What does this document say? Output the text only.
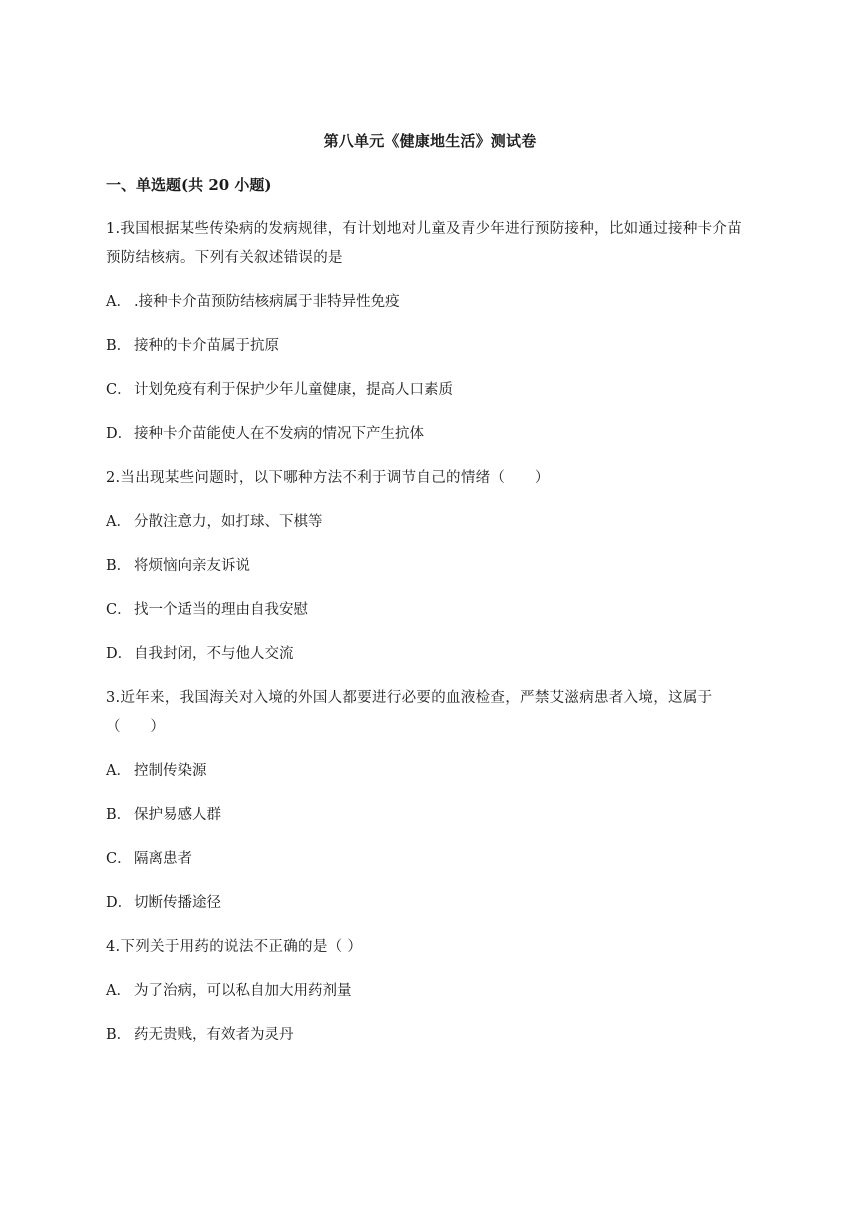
第八单元《健康地生活》测试卷
一、单选题(共 20 小题)
1.我国根据某些传染病的发病规律，有计划地对儿童及青少年进行预防接种，比如通过接种卡介苗
预防结核病。下列有关叙述错误的是
A． .接种卡介苗预防结核病属于非特异性免疫
B． 接种的卡介苗属于抗原
C． 计划免疫有利于保护少年儿童健康，提高人口素质
D． 接种卡介苗能使人在不发病的情况下产生抗体
2.当出现某些问题时，以下哪种方法不利于调节自己的情绪（　　）
A． 分散注意力，如打球、下棋等
B． 将烦恼向亲友诉说
C． 找一个适当的理由自我安慰
D． 自我封闭，不与他人交流
3.近年来，我国海关对入境的外国人都要进行必要的血液检查，严禁艾滋病患者入境，这属于
（　　）
A． 控制传染源
B． 保护易感人群
C． 隔离患者
D． 切断传播途径
4.下列关于用药的说法不正确的是（ ）
A． 为了治病，可以私自加大用药剂量
B． 药无贵贱，有效者为灵丹
